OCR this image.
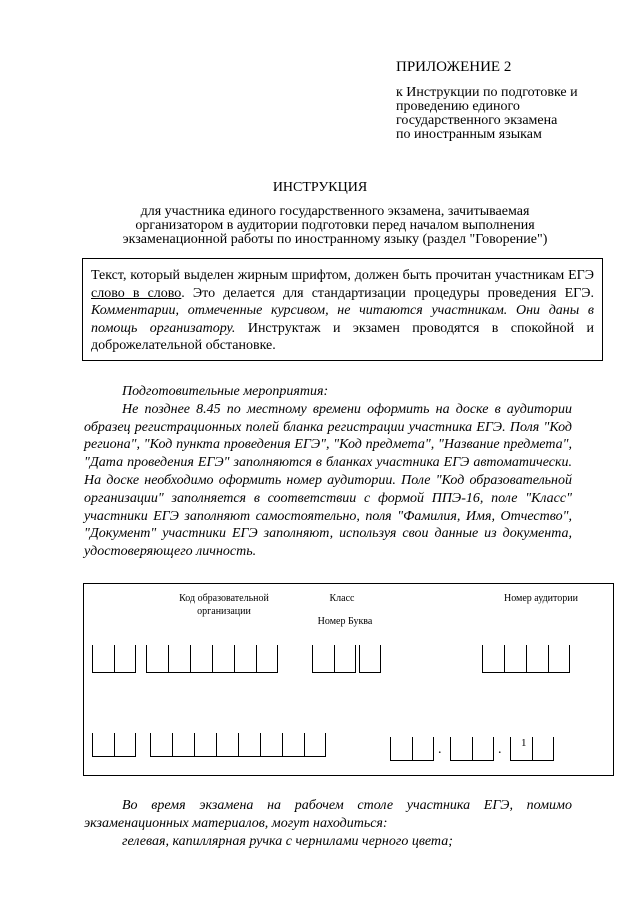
ПРИЛОЖЕНИЕ 2
к Инструкции по подготовке и
проведению единого
государственного экзамена
по иностранным языкам
ИНСТРУКЦИЯ
для участника единого государственного экзамена, зачитываемая
организатором в аудитории подготовки перед началом выполнения
экзаменационной работы по иностранному языку (раздел "Говорение")
Текст, который выделен жирным шрифтом, должен быть прочитан участникам ЕГЭ слово в слово. Это делается для стандартизации процедуры проведения ЕГЭ. Комментарии, отмеченные курсивом, не читаются участникам. Они даны в помощь организатору. Инструктаж и экзамен проводятся в спокойной и доброжелательной обстановке.
Подготовительные мероприятия:
Не позднее 8.45 по местному времени оформить на доске в аудитории образец регистрационных полей бланка регистрации участника ЕГЭ. Поля "Код региона", "Код пункта проведения ЕГЭ", "Код предмета", "Название предмета", "Дата проведения ЕГЭ" заполняются в бланках участника ЕГЭ автоматически. На доске необходимо оформить номер аудитории. Поле "Код образовательной организации" заполняется в соответствии с формой ППЭ-16, поле "Класс" участники ЕГЭ заполняют самостоятельно, поля "Фамилия, Имя, Отчество", "Документ" участники ЕГЭ заполняют, используя свои данные из документа, удостоверяющего личность.
Код образовательной организации
Класс
Номер Буква
Номер аудитории
.	. 1
Во время экзамена на рабочем столе участника ЕГЭ, помимо экзаменационных материалов, могут находиться:
гелевая, капиллярная ручка с чернилами черного цвета;
